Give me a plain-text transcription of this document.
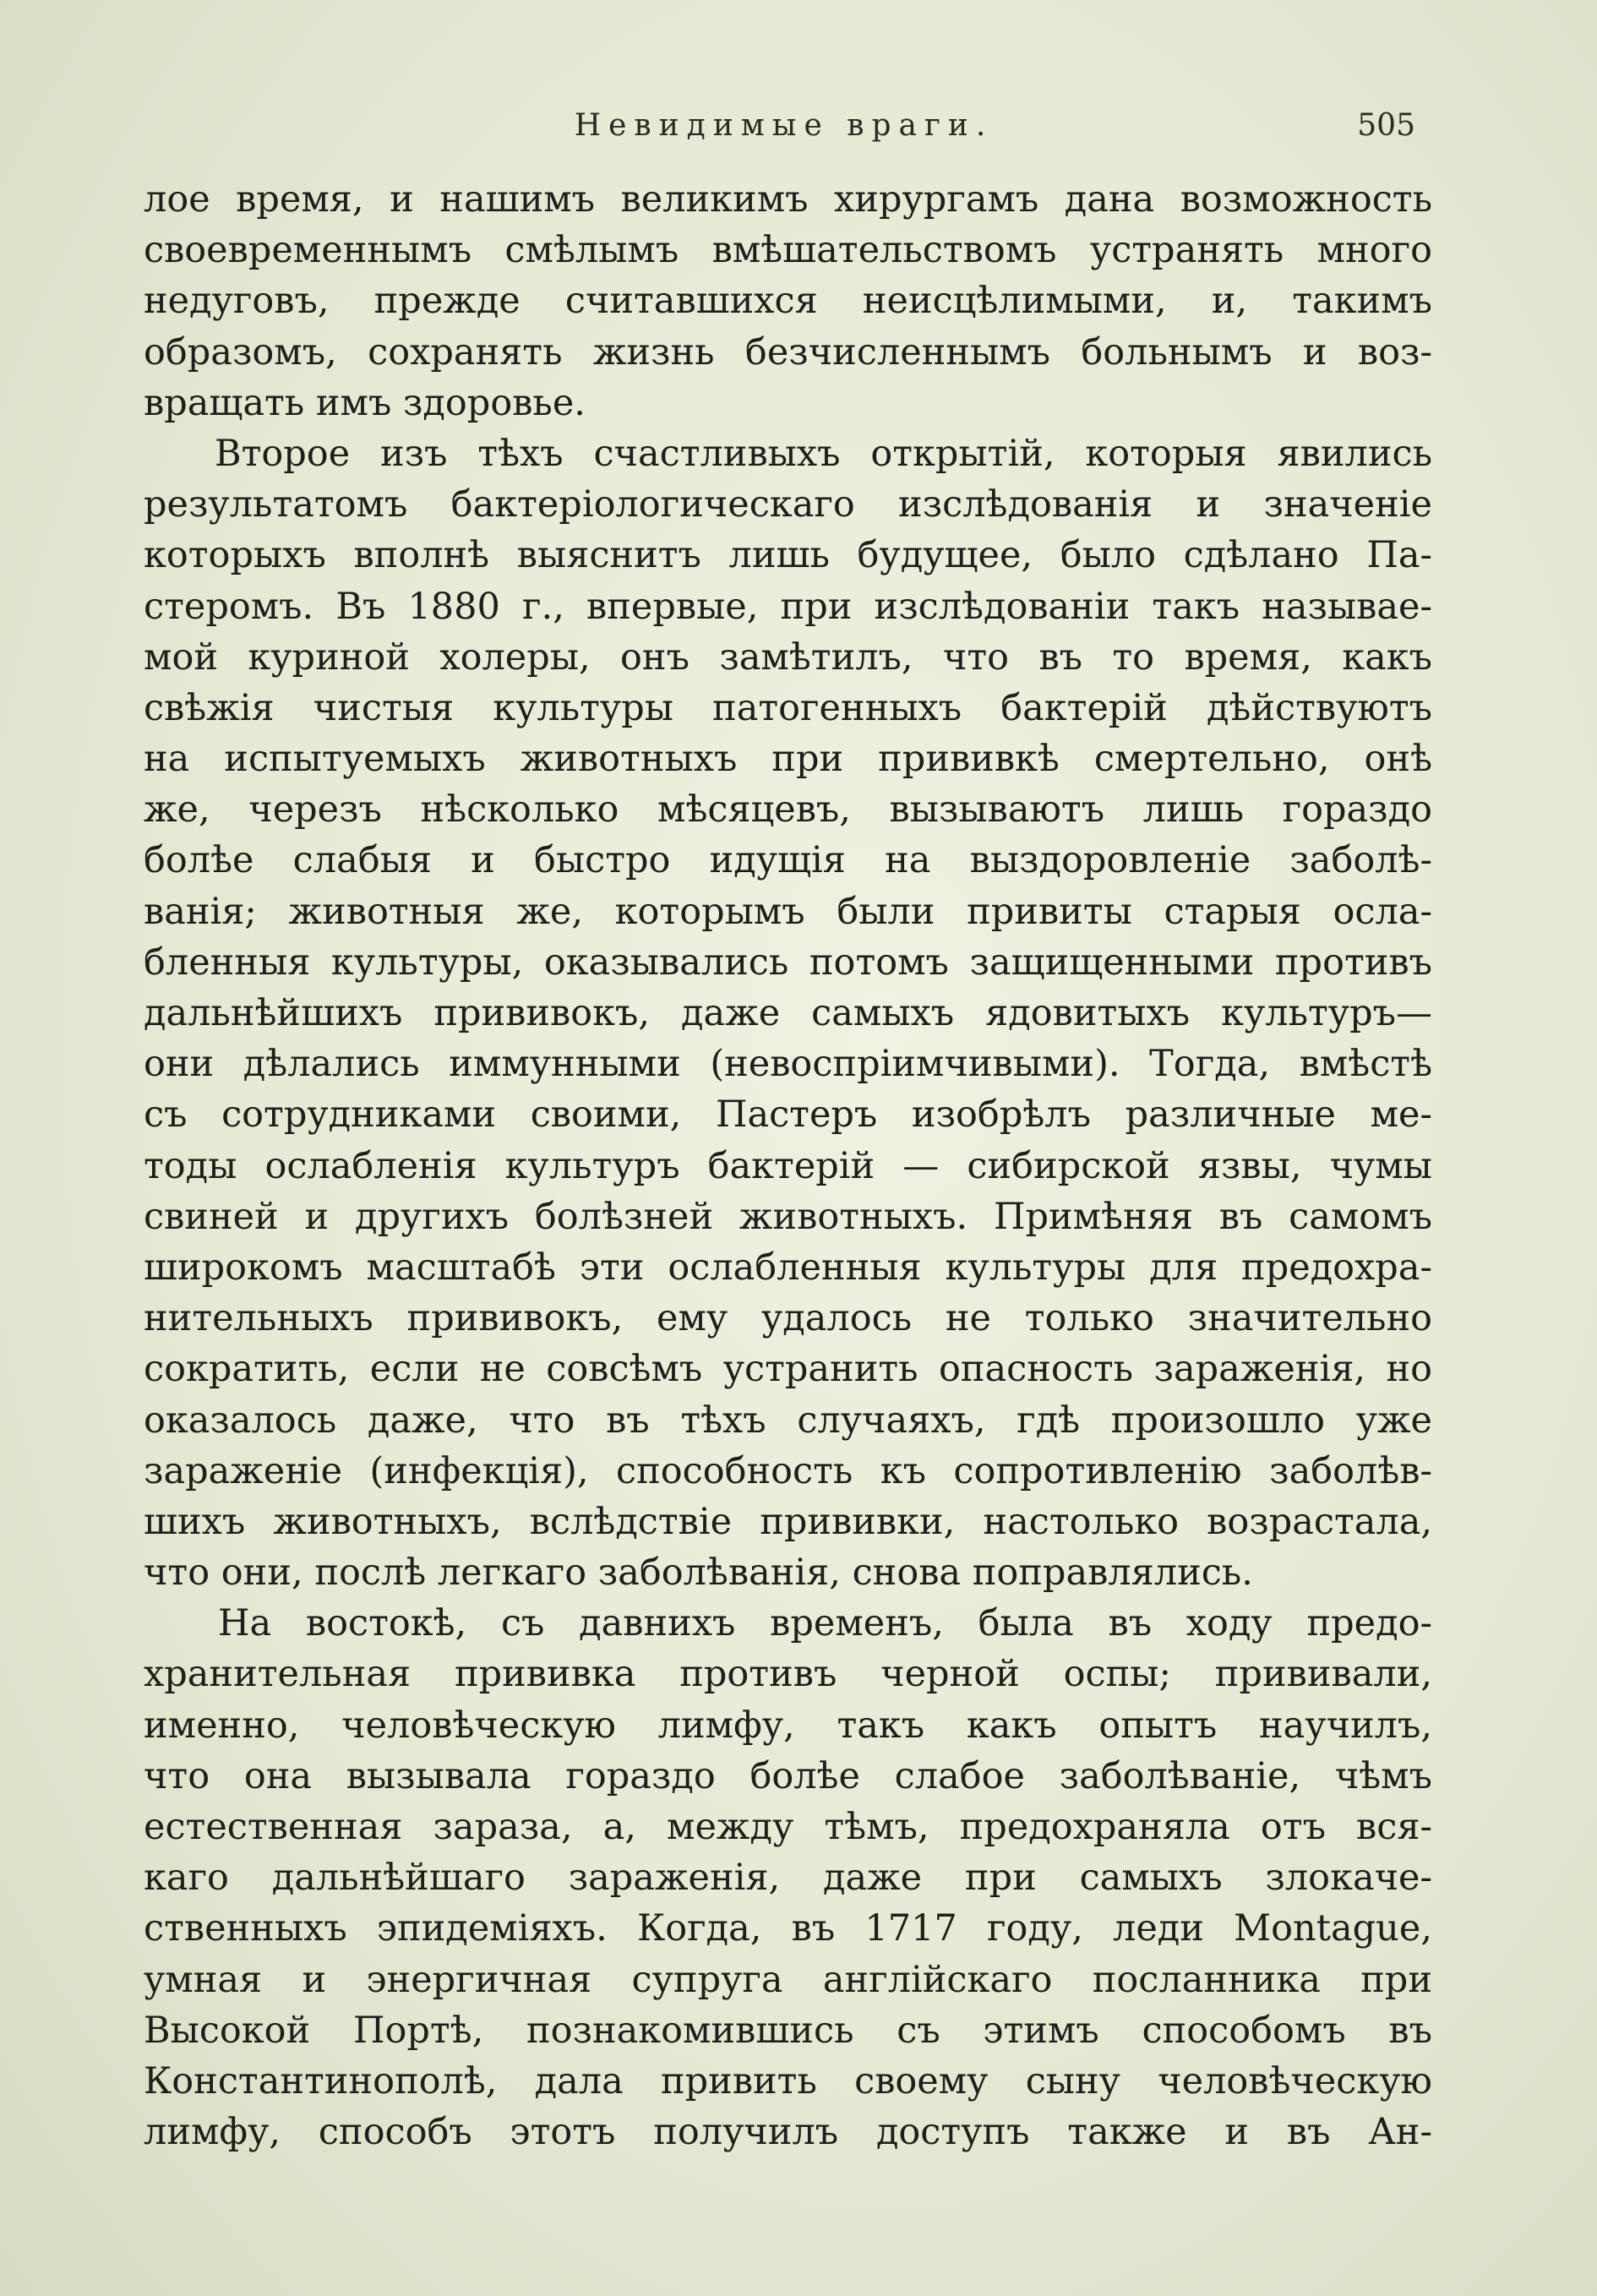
Невидимые враги.	505
лое время, и нашимъ великимъ хирургамъ дана возможность
своевременнымъ смѣлымъ вмѣшательствомъ устранять много
недуговъ, прежде считавшихся неисцѣлимыми, и, такимъ
образомъ, сохранять жизнь безчисленнымъ больнымъ и воз-
вращать имъ здоровье.
Второе изъ тѣхъ счастливыхъ открытій, которыя явились
результатомъ бактеріологическаго изслѣдованія и значеніе
которыхъ вполнѣ выяснитъ лишь будущее, было сдѣлано Па-
стеромъ. Въ 1880 г., впервые, при изслѣдованіи такъ называе-
мой куриной холеры, онъ замѣтилъ, что въ то время, какъ
свѣжія чистыя культуры патогенныхъ бактерій дѣйствуютъ
на испытуемыхъ животныхъ при прививкѣ смертельно, онѣ
же, черезъ нѣсколько мѣсяцевъ, вызываютъ лишь гораздо
болѣе слабыя и быстро идущія на выздоровленіе заболѣ-
ванія; животныя же, которымъ были привиты старыя осла-
бленныя культуры, оказывались потомъ защищенными противъ
дальнѣйшихъ прививокъ, даже самыхъ ядовитыхъ культуръ—
они дѣлались иммунными (невоспріимчивыми). Тогда, вмѣстѣ
съ сотрудниками своими, Пастеръ изобрѣлъ различные ме-
тоды ослабленія культуръ бактерій — сибирской язвы, чумы
свиней и другихъ болѣзней животныхъ. Примѣняя въ самомъ
широкомъ масштабѣ эти ослабленныя культуры для предохра-
нительныхъ прививокъ, ему удалось не только значительно
сократить, если не совсѣмъ устранить опасность зараженія, но
оказалось даже, что въ тѣхъ случаяхъ, гдѣ произошло уже
зараженіе (инфекція), способность къ сопротивленію заболѣв-
шихъ животныхъ, вслѣдствіе прививки, настолько возрастала,
что они, послѣ легкаго заболѣванія, снова поправлялись.
На востокѣ, съ давнихъ временъ, была въ ходу предо-
хранительная прививка противъ черной оспы; прививали,
именно, человѣческую лимфу, такъ какъ опытъ научилъ,
что она вызывала гораздо болѣе слабое заболѣваніе, чѣмъ
естественная зараза, а, между тѣмъ, предохраняла отъ вся-
каго дальнѣйшаго зараженія, даже при самыхъ злокаче-
ственныхъ эпидеміяхъ. Когда, въ 1717 году, леди Montague,
умная и энергичная супруга англійскаго посланника при
Высокой Портѣ, познакомившись съ этимъ способомъ въ
Константинополѣ, дала привить своему сыну человѣческую
лимфу, способъ этотъ получилъ доступъ также и въ Ан-
